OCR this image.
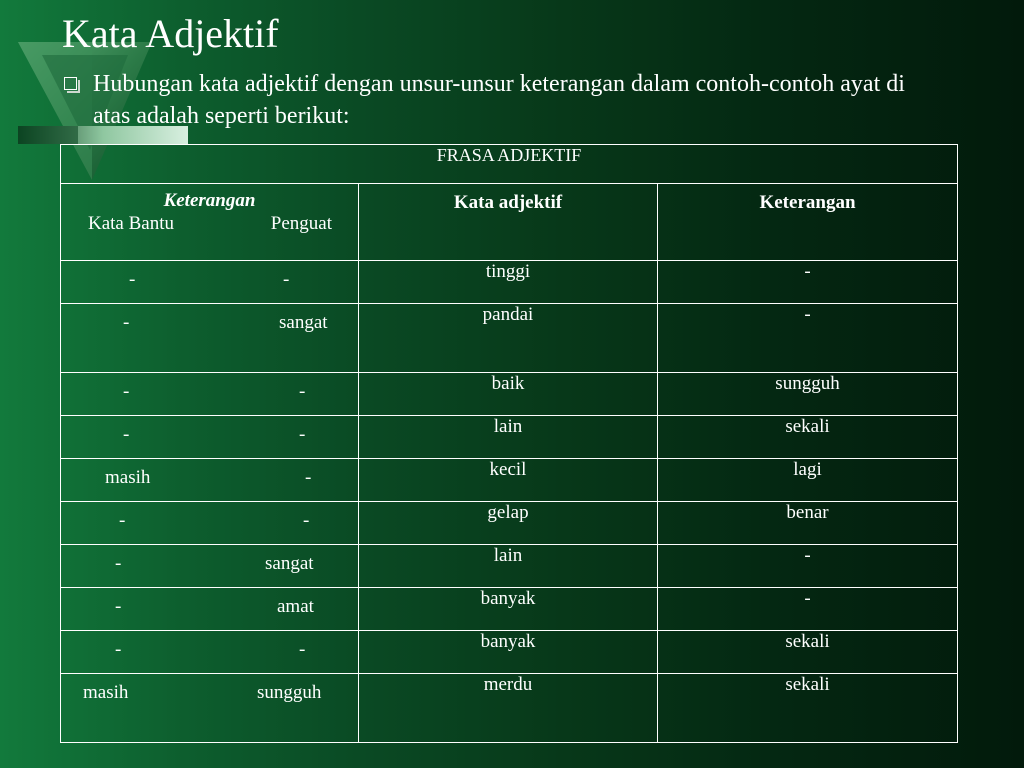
Kata Adjektif
Hubungan kata adjektif dengan unsur-unsur keterangan dalam contoh-contoh ayat di atas adalah seperti berikut:
FRASA ADJEKTIF		

Keterangan
Kata Bantu Penguat	Kata adjektif	Keterangan

- -	tinggi	-

- sangat	pandai	-

- -	baik	sungguh

- -	lain	sekali

masih -	kecil	lagi

- -	gelap	benar

- sangat	lain	-

- amat	banyak	-

- -	banyak	sekali

masih sungguh	merdu	sekali
